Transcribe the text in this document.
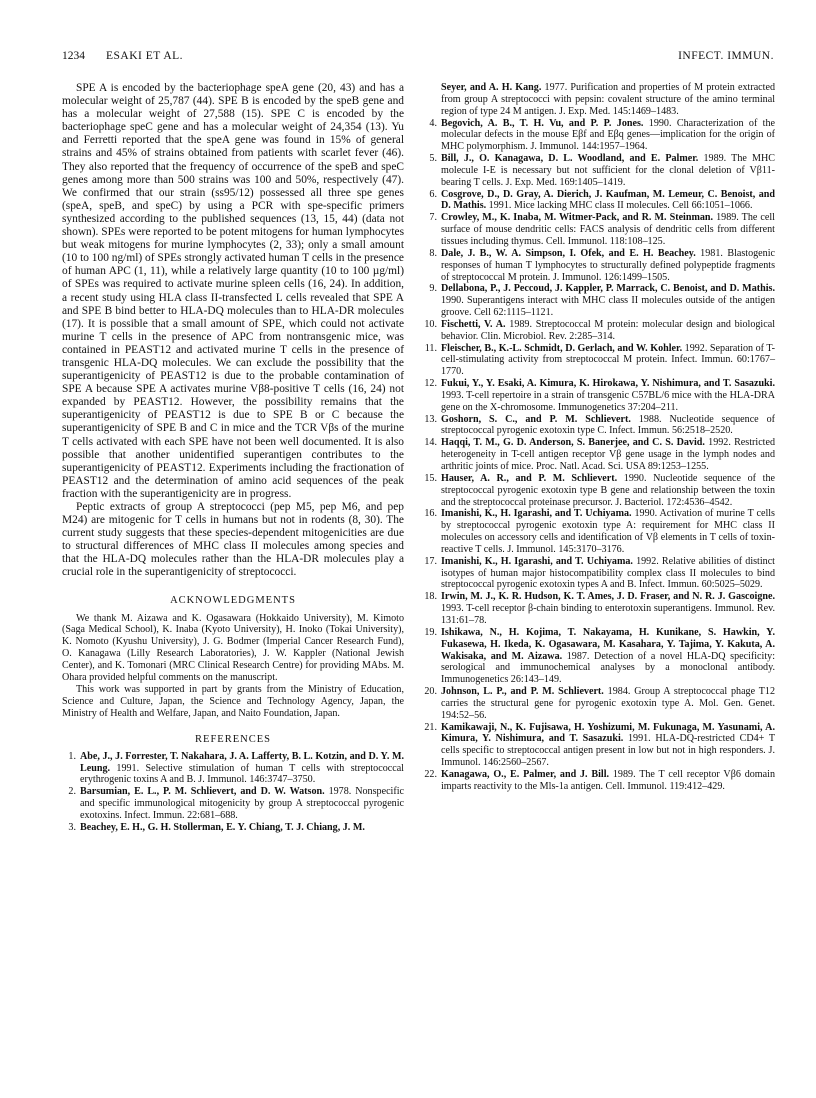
1234 ESAKI ET AL.	INFECT. IMMUN.

SPE A is encoded by the bacteriophage speA gene (20, 43) and has a molecular weight of 25,787 (44). SPE B is encoded by the speB gene and has a molecular weight of 27,588 (15). SPE C is encoded by the bacteriophage speC gene and has a molecular weight of 24,354 (13). Yu and Ferretti reported that the speA gene was found in 15% of general strains and 45% of strains obtained from patients with scarlet fever (46). They also reported that the frequency of occurrence of the speB and speC genes among more than 500 strains was 100 and 50%, respectively (47). We confirmed that our strain (ss95/12) possessed all three spe genes (speA, speB, and speC) by using a PCR with spe-specific primers synthesized according to the published sequences (13, 15, 44) (data not shown). SPEs were reported to be potent mitogens for human lymphocytes but weak mitogens for murine lymphocytes (2, 33); only a small amount (10 to 100 ng/ml) of SPEs strongly activated human T cells in the presence of human APC (1, 11), while a relatively large quantity (10 to 100 µg/ml) of SPEs was required to activate murine spleen cells (16, 24). In addition, a recent study using HLA class II-transfected L cells revealed that SPE A and SPE B bind better to HLA-DQ molecules than to HLA-DR molecules (17). It is possible that a small amount of SPE, which could not activate murine T cells in the presence of APC from nontransgenic mice, was contained in PEAST12 and activated murine T cells in the presence of transgenic HLA-DQ molecules. We can exclude the possibility that the superantigenicity of PEAST12 is due to the probable contamination of SPE A because SPE A activates murine Vβ8-positive T cells (16, 24) not expanded by PEAST12. However, the possibility remains that the superantigenicity of PEAST12 is due to SPE B or C because the superantigenicity of SPE B and C in mice and the TCR Vβs of the murine T cells activated with each SPE have not been well documented. It is also possible that another unidentified superantigen contributes to the superantigenicity of PEAST12. Experiments including the fractionation of PEAST12 and the determination of amino acid sequences of the peak fraction with the superantigenicity are in progress.

Peptic extracts of group A streptococci (pep M5, pep M6, and pep M24) are mitogenic for T cells in humans but not in rodents (8, 30). The current study suggests that these species-dependent mitogenicities are due to structural differences of MHC class II molecules among species and that the HLA-DQ molecules rather than the HLA-DR molecules play a crucial role in the superantigenicity of streptococci.

ACKNOWLEDGMENTS

We thank M. Aizawa and K. Ogasawara (Hokkaido University), M. Kimoto (Saga Medical School), K. Inaba (Kyoto University), H. Inoko (Tokai University), K. Nomoto (Kyushu University), J. G. Bodmer (Imperial Cancer Research Fund), O. Kanagawa (Lilly Research Laboratories), J. W. Kappler (National Jewish Center), and K. Tomonari (MRC Clinical Research Centre) for providing MAbs. M. Ohara provided helpful comments on the manuscript.

This work was supported in part by grants from the Ministry of Education, Science and Culture, Japan, the Science and Technology Agency, Japan, the Ministry of Health and Welfare, Japan, and Naito Foundation, Japan.

REFERENCES
1. Abe, J., J. Forrester, T. Nakahara, J. A. Lafferty, B. L. Kotzin, and D. Y. M. Leung. 1991. Selective stimulation of human T cells with streptococcal erythrogenic toxins A and B. J. Immunol. 146:3747–3750.
2. Barsumian, E. L., P. M. Schlievert, and D. W. Watson. 1978. Nonspecific and specific immunological mitogenicity by group A streptococcal pyrogenic exotoxins. Infect. Immun. 22:681–688.
3. Beachey, E. H., G. H. Stollerman, E. Y. Chiang, T. J. Chiang, J. M.
Seyer, and A. H. Kang. 1977. Purification and properties of M protein extracted from group A streptococci with pepsin: covalent structure of the amino terminal region of type 24 M antigen. J. Exp. Med. 145:1469–1483.
4. Begovich, A. B., T. H. Vu, and P. P. Jones. 1990. Characterization of the molecular defects in the mouse Eβf and Eβq genes—implication for the origin of MHC polymorphism. J. Immunol. 144:1957–1964.
5. Bill, J., O. Kanagawa, D. L. Woodland, and E. Palmer. 1989. The MHC molecule I-E is necessary but not sufficient for the clonal deletion of Vβ11-bearing T cells. J. Exp. Med. 169:1405–1419.
6. Cosgrove, D., D. Gray, A. Dierich, J. Kaufman, M. Lemeur, C. Benoist, and D. Mathis. 1991. Mice lacking MHC class II molecules. Cell 66:1051–1066.
7. Crowley, M., K. Inaba, M. Witmer-Pack, and R. M. Steinman. 1989. The cell surface of mouse dendritic cells: FACS analysis of dendritic cells from different tissues including thymus. Cell. Immunol. 118:108–125.
8. Dale, J. B., W. A. Simpson, I. Ofek, and E. H. Beachey. 1981. Blastogenic responses of human T lymphocytes to structurally defined polypeptide fragments of streptococcal M protein. J. Immunol. 126:1499–1505.
9. Dellabona, P., J. Peccoud, J. Kappler, P. Marrack, C. Benoist, and D. Mathis. 1990. Superantigens interact with MHC class II molecules outside of the antigen groove. Cell 62:1115–1121.
10. Fischetti, V. A. 1989. Streptococcal M protein: molecular design and biological behavior. Clin. Microbiol. Rev. 2:285–314.
11. Fleischer, B., K.-L. Schmidt, D. Gerlach, and W. Kohler. 1992. Separation of T-cell-stimulating activity from streptococcal M protein. Infect. Immun. 60:1767–1770.
12. Fukui, Y., Y. Esaki, A. Kimura, K. Hirokawa, Y. Nishimura, and T. Sasazuki. 1993. T-cell repertoire in a strain of transgenic C57BL/6 mice with the HLA-DRA gene on the X-chromosome. Immunogenetics 37:204–211.
13. Goshorn, S. C., and P. M. Schlievert. 1988. Nucleotide sequence of streptococcal pyrogenic exotoxin type C. Infect. Immun. 56:2518–2520.
14. Haqqi, T. M., G. D. Anderson, S. Banerjee, and C. S. David. 1992. Restricted heterogeneity in T-cell antigen receptor Vβ gene usage in the lymph nodes and arthritic joints of mice. Proc. Natl. Acad. Sci. USA 89:1253–1255.
15. Hauser, A. R., and P. M. Schlievert. 1990. Nucleotide sequence of the streptococcal pyrogenic exotoxin type B gene and relationship between the toxin and the streptococcal proteinase precursor. J. Bacteriol. 172:4536–4542.
16. Imanishi, K., H. Igarashi, and T. Uchiyama. 1990. Activation of murine T cells by streptococcal pyrogenic exotoxin type A: requirement for MHC class II molecules on accessory cells and identification of Vβ elements in T cells of toxin-reactive T cells. J. Immunol. 145:3170–3176.
17. Imanishi, K., H. Igarashi, and T. Uchiyama. 1992. Relative abilities of distinct isotypes of human major histocompatibility complex class II molecules to bind streptococcal pyrogenic exotoxin types A and B. Infect. Immun. 60:5025–5029.
18. Irwin, M. J., K. R. Hudson, K. T. Ames, J. D. Fraser, and N. R. J. Gascoigne. 1993. T-cell receptor β-chain binding to enterotoxin superantigens. Immunol. Rev. 131:61–78.
19. Ishikawa, N., H. Kojima, T. Nakayama, H. Kunikane, S. Hawkin, Y. Fukasewa, H. Ikeda, K. Ogasawara, M. Kasahara, Y. Tajima, Y. Kakuta, A. Wakisaka, and M. Aizawa. 1987. Detection of a novel HLA-DQ specificity: serological and immunochemical analyses by a monoclonal antibody. Immunogenetics 26:143–149.
20. Johnson, L. P., and P. M. Schlievert. 1984. Group A streptococcal phage T12 carries the structural gene for pyrogenic exotoxin type A. Mol. Gen. Genet. 194:52–56.
21. Kamikawaji, N., K. Fujisawa, H. Yoshizumi, M. Fukunaga, M. Yasunami, A. Kimura, Y. Nishimura, and T. Sasazuki. 1991. HLA-DQ-restricted CD4+ T cells specific to streptococcal antigen present in low but not in high responders. J. Immunol. 146:2560–2567.
22. Kanagawa, O., E. Palmer, and J. Bill. 1989. The T cell receptor Vβ6 domain imparts reactivity to the Mls-1a antigen. Cell. Immunol. 119:412–429.
